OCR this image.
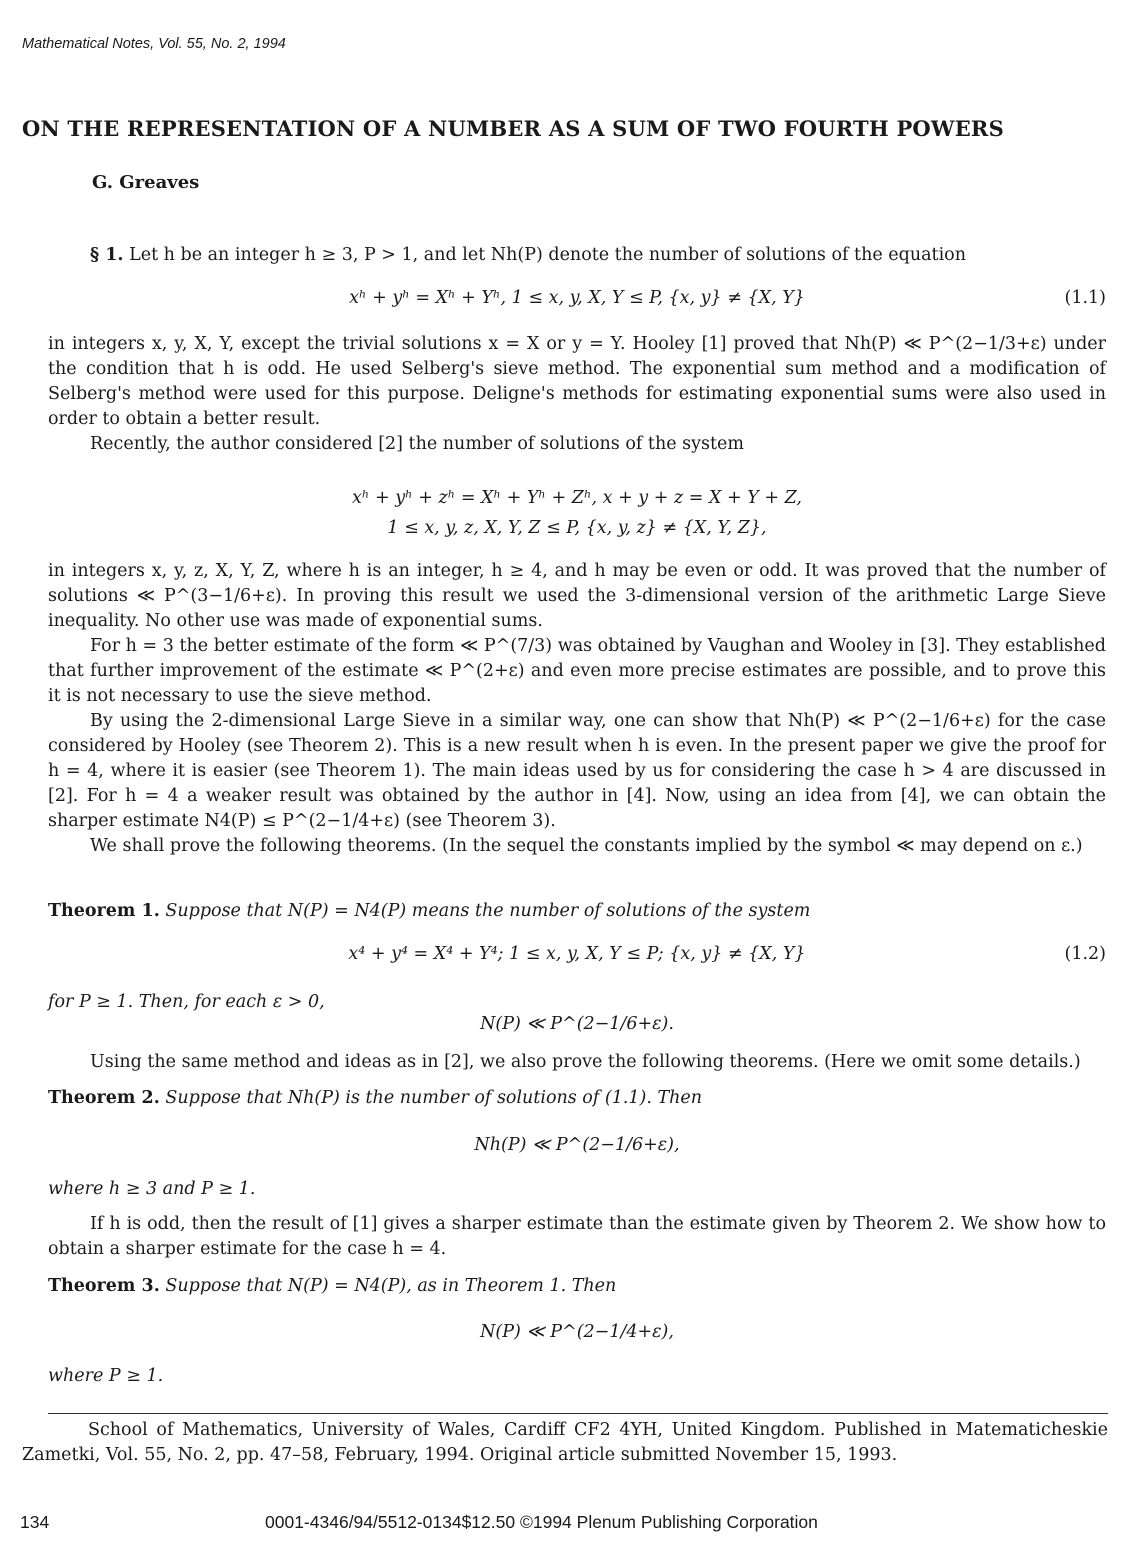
Mathematical Notes, Vol. 55, No. 2, 1994
ON THE REPRESENTATION OF A NUMBER AS A SUM OF TWO FOURTH POWERS
G. Greaves

§ 1. Let h be an integer h ≥ 3, P > 1, and let Nh(P) denote the number of solutions of the equation

xʰ + yʰ = Xʰ + Yʰ, 1 ≤ x, y, X, Y ≤ P, {x, y} ≠ {X, Y}	(1.1)

in integers x, y, X, Y, except the trivial solutions x = X or y = Y. Hooley [1] proved that Nh(P) ≪ P^(2−1/3+ε) under the condition that h is odd. He used Selberg's sieve method. The exponential sum method and a modification of Selberg's method were used for this purpose. Deligne's methods for estimating exponential sums were also used in order to obtain a better result.

Recently, the author considered [2] the number of solutions of the system

xʰ + yʰ + zʰ = Xʰ + Yʰ + Zʰ, x + y + z = X + Y + Z,
1 ≤ x, y, z, X, Y, Z ≤ P, {x, y, z} ≠ {X, Y, Z},

in integers x, y, z, X, Y, Z, where h is an integer, h ≥ 4, and h may be even or odd. It was proved that the number of solutions ≪ P^(3−1/6+ε). In proving this result we used the 3-dimensional version of the arithmetic Large Sieve inequality. No other use was made of exponential sums.

For h = 3 the better estimate of the form ≪ P^(7/3) was obtained by Vaughan and Wooley in [3]. They established that further improvement of the estimate ≪ P^(2+ε) and even more precise estimates are possible, and to prove this it is not necessary to use the sieve method.

By using the 2-dimensional Large Sieve in a similar way, one can show that Nh(P) ≪ P^(2−1/6+ε) for the case considered by Hooley (see Theorem 2). This is a new result when h is even. In the present paper we give the proof for h = 4, where it is easier (see Theorem 1). The main ideas used by us for considering the case h > 4 are discussed in [2]. For h = 4 a weaker result was obtained by the author in [4]. Now, using an idea from [4], we can obtain the sharper estimate N4(P) ≤ P^(2−1/4+ε) (see Theorem 3).

We shall prove the following theorems. (In the sequel the constants implied by the symbol ≪ may depend on ε.)

Theorem 1. Suppose that N(P) = N4(P) means the number of solutions of the system

x⁴ + y⁴ = X⁴ + Y⁴; 1 ≤ x, y, X, Y ≤ P; {x, y} ≠ {X, Y}	(1.2)

for P ≥ 1. Then, for each ε > 0,

N(P) ≪ P^(2−1/6+ε).

Using the same method and ideas as in [2], we also prove the following theorems. (Here we omit some details.)

Theorem 2. Suppose that Nh(P) is the number of solutions of (1.1). Then

Nh(P) ≪ P^(2−1/6+ε),

where h ≥ 3 and P ≥ 1.

If h is odd, then the result of [1] gives a sharper estimate than the estimate given by Theorem 2. We show how to obtain a sharper estimate for the case h = 4.

Theorem 3. Suppose that N(P) = N4(P), as in Theorem 1. Then

N(P) ≪ P^(2−1/4+ε),

where P ≥ 1.

School of Mathematics, University of Wales, Cardiff CF2 4YH, United Kingdom. Published in Matematicheskie Zametki, Vol. 55, No. 2, pp. 47–58, February, 1994. Original article submitted November 15, 1993.

134	0001-4346/94/5512-0134$12.50 ©1994 Plenum Publishing Corporation
